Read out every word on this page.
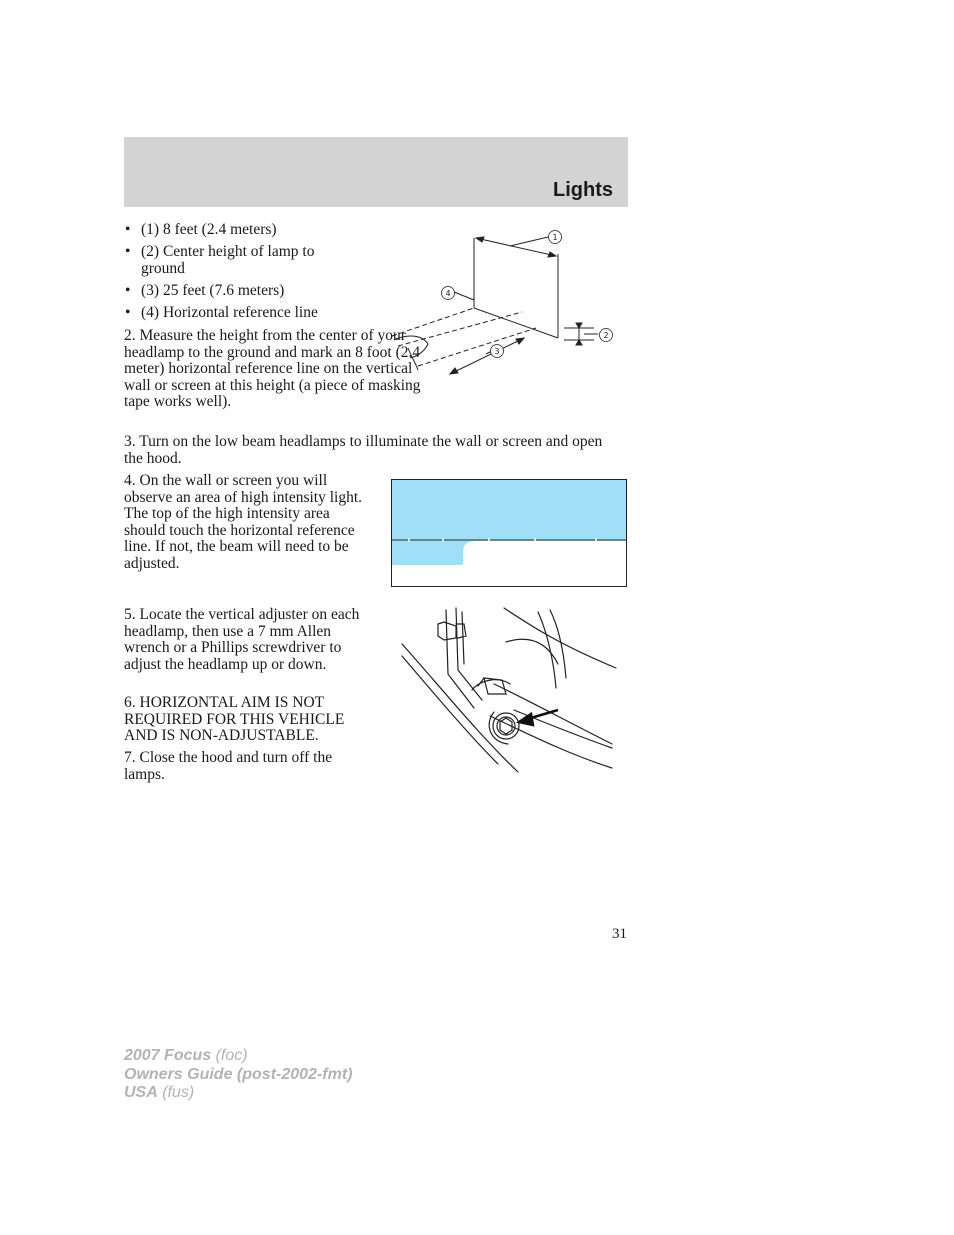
Lights
• (1) 8 feet (2.4 meters)
• (2) Center height of lamp to ground
• (3) 25 feet (7.6 meters)
• (4) Horizontal reference line
1
2
3
4

2. Measure the height from the center of your headlamp to the ground and mark an 8 foot (2.4 meter) horizontal reference line on the vertical wall or screen at this height (a piece of masking tape works well).

3. Turn on the low beam headlamps to illuminate the wall or screen and open the hood.

4. On the wall or screen you will observe an area of high intensity light. The top of the high intensity area should touch the horizontal reference line. If not, the beam will need to be adjusted.

5. Locate the vertical adjuster on each headlamp, then use a 7 mm Allen wrench or a Phillips screwdriver to adjust the headlamp up or down.

6. HORIZONTAL AIM IS NOT REQUIRED FOR THIS VEHICLE AND IS NON-ADJUSTABLE.

7. Close the hood and turn off the lamps.

31
2007 Focus (foc)
Owners Guide (post-2002-fmt)
USA (fus)
